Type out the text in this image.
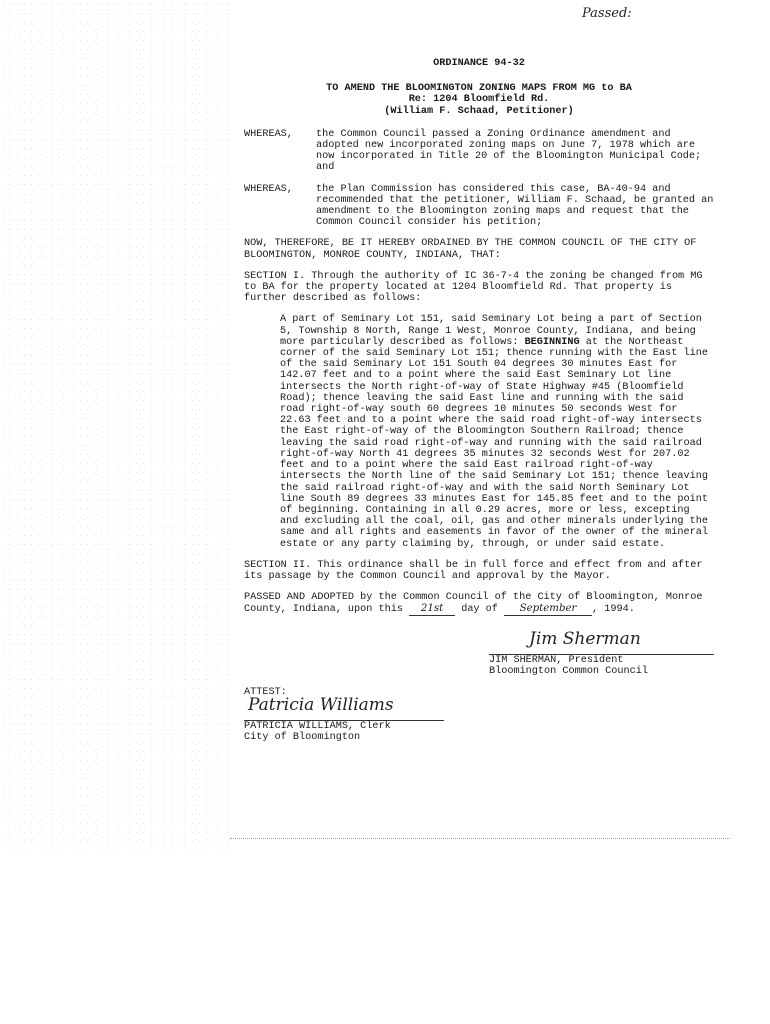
Passed:
ORDINANCE 94-32
TO AMEND THE BLOOMINGTON ZONING MAPS FROM MG to BA
Re: 1204 Bloomfield Rd.
(William F. Schaad, Petitioner)
WHEREAS,	the Common Council passed a Zoning Ordinance amendment and adopted new incorporated zoning maps on June 7, 1978 which are now incorporated in Title 20 of the Bloomington Municipal Code; and
WHEREAS,	the Plan Commission has considered this case, BA-40-94 and recommended that the petitioner, William F. Schaad, be granted an amendment to the Bloomington zoning maps and request that the Common Council consider his petition;
NOW, THEREFORE, BE IT HEREBY ORDAINED BY THE COMMON COUNCIL OF THE CITY OF BLOOMINGTON, MONROE COUNTY, INDIANA, THAT:
SECTION I. Through the authority of IC 36-7-4 the zoning be changed from MG to BA for the property located at 1204 Bloomfield Rd. That property is further described as follows:
A part of Seminary Lot 151, said Seminary Lot being a part of Section 5, Township 8 North, Range 1 West, Monroe County, Indiana, and being more particularly described as follows: BEGINNING at the Northeast corner of the said Seminary Lot 151; thence running with the East line of the said Seminary Lot 151 South 04 degrees 30 minutes East for 142.07 feet and to a point where the said East Seminary Lot line intersects the North right-of-way of State Highway #45 (Bloomfield Road); thence leaving the said East line and running with the said road right-of-way south 60 degrees 10 minutes 50 seconds West for 22.63 feet and to a point where the said road right-of-way intersects the East right-of-way of the Bloomington Southern Railroad; thence leaving the said road right-of-way and running with the said railroad right-of-way North 41 degrees 35 minutes 32 seconds West for 207.02 feet and to a point where the said East railroad right-of-way intersects the North line of the said Seminary Lot 151; thence leaving the said railroad right-of-way and with the said North Seminary Lot line South 89 degrees 33 minutes East for 145.85 feet and to the point of beginning. Containing in all 0.29 acres, more or less, excepting and excluding all the coal, oil, gas and other minerals underlying the same and all rights and easements in favor of the owner of the mineral estate or any party claiming by, through, or under said estate.
SECTION II. This ordinance shall be in full force and effect from and after its passage by the Common Council and approval by the Mayor.
PASSED AND ADOPTED by the Common Council of the City of Bloomington, Monroe County, Indiana, upon this 21st day of September , 1994.
Jim Sherman
JIM SHERMAN, President
Bloomington Common Council
ATTEST:
Patricia Williams
PATRICIA WILLIAMS, Clerk
City of Bloomington
